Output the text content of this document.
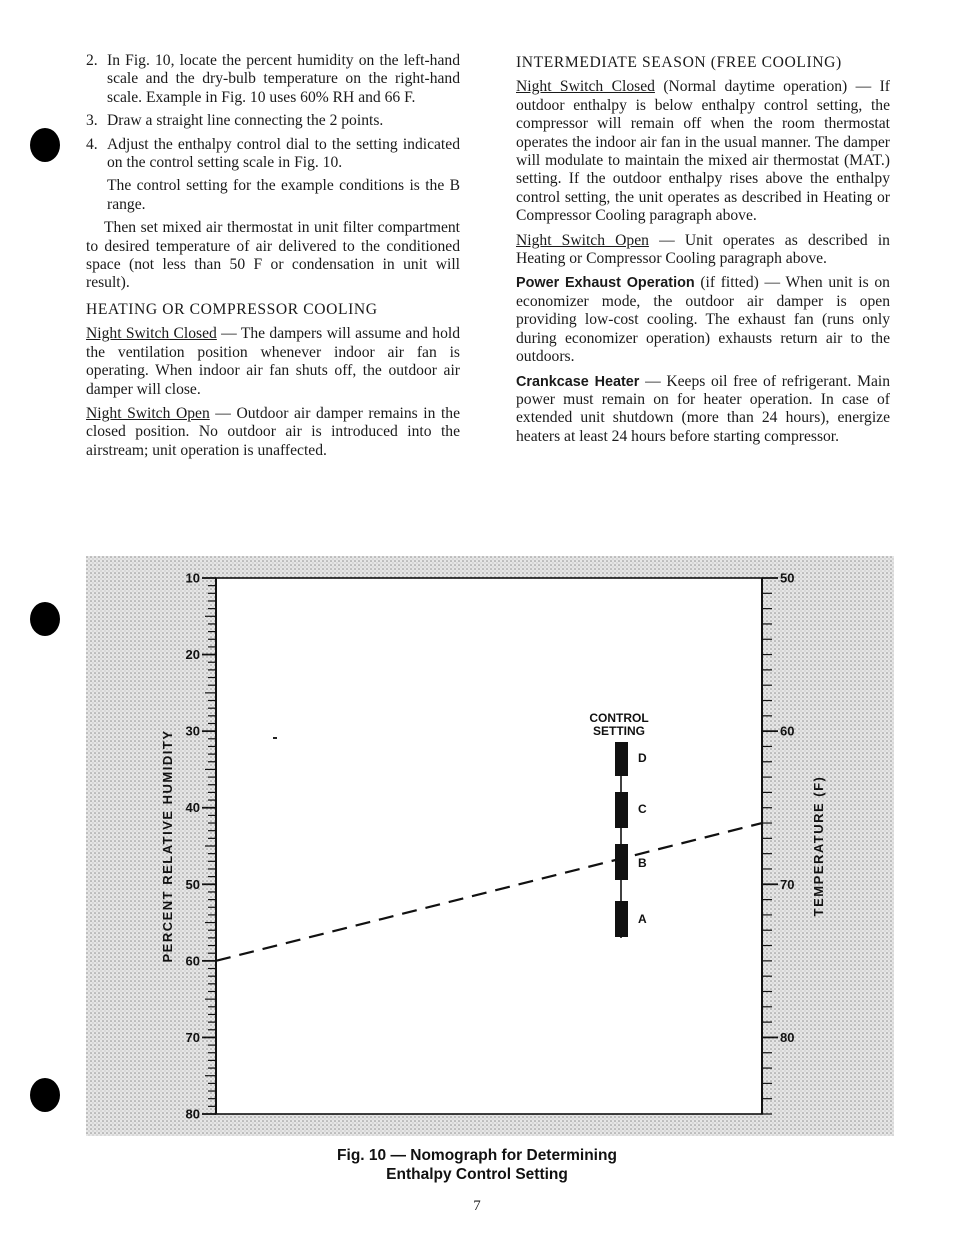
2. In Fig. 10, locate the percent humidity on the left-hand scale and the dry-bulb temperature on the right-hand scale. Example in Fig. 10 uses 60% RH and 66 F.
3. Draw a straight line connecting the 2 points.
4. Adjust the enthalpy control dial to the setting indicated on the control setting scale in Fig. 10.

The control setting for the example conditions is the B range.

Then set mixed air thermostat in unit filter compartment to desired temperature of air delivered to the conditioned space (not less than 50 F or condensation in unit will result).

HEATING OR COMPRESSOR COOLING

Night Switch Closed — The dampers will assume and hold the ventilation position whenever indoor air fan is operating. When indoor air fan shuts off, the outdoor air damper will close.

Night Switch Open — Outdoor air damper remains in the closed position. No outdoor air is introduced into the airstream; unit operation is unaffected.

INTERMEDIATE SEASON (FREE COOLING)

Night Switch Closed (Normal daytime operation) — If outdoor enthalpy is below enthalpy control setting, the compressor will remain off when the room thermostat operates the indoor air fan in the usual manner. The damper will modulate to maintain the mixed air thermostat (MAT.) setting. If the outdoor enthalpy rises above the enthalpy control setting, the unit operates as described in Heating or Compressor Cooling paragraph above.

Night Switch Open — Unit operates as described in Heating or Compressor Cooling paragraph above.

Power Exhaust Operation (if fitted) — When unit is on economizer mode, the outdoor air damper is open providing low-cost cooling. The exhaust fan (runs only during economizer operation) exhausts return air to the outdoors.

Crankcase Heater — Keeps oil free of refrigerant. Main power must remain on for heater operation. In case of extended unit shutdown (more than 24 hours), energize heaters at least 24 hours before starting compressor.

10
20
30
40
50
60
70
80
50
60
70
80
PERCENT RELATIVE HUMIDITY	TEMPERATURE (F)
CONTROL
SETTING
D
C
B
A
Fig. 10 — Nomograph for Determining
Enthalpy Control Setting
7
